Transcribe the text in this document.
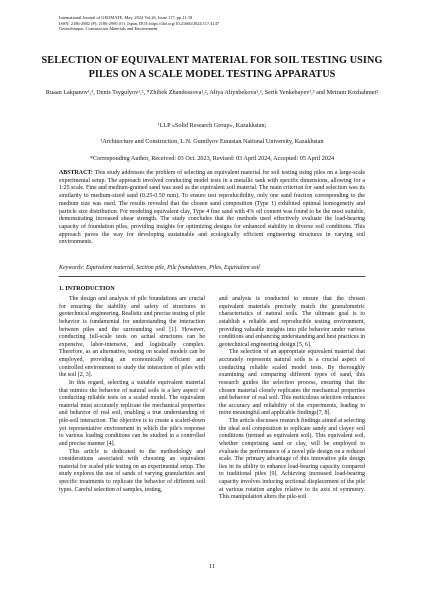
International Journal of GEOMATE, May, 2024 Vol.26, Issue 117, pp.11-18
ISSN: 2186-2982 (P), 2186-2990 (O), Japan, DOI: https://doi.org/10.21660/2024.117.4147
Geotechnique, Construction Materials and Environment
SELECTION OF EQUIVALENT MATERIAL FOR SOIL TESTING USING PILES ON A SCALE MODEL TESTING APPARATUS
Ruaan Lakpanov¹,², Denis Tsygulyov¹,², *Zhibek Zhandossova¹,², Aliya Altynbekova¹,², Serik Yenkebayev¹,² and Meiram Kozhahmet²
¹LLP «Solid Research Group», Kazakhstan;
²Architecture and Construction, L.N. Gumilyov Eurasian National University, Kazakhstan
*Corresponding Author, Received: 03 Oct. 2023, Revised: 03 April 2024, Accepted: 05 April 2024
ABSTRACT: This study addresses the problem of selecting an equivalent material for soil testing using piles on a large-scale experimental setup. The approach involved conducting model tests in a metallic tank with specific dimensions, allowing for a 1:25 scale. Fine and medium-grained sand was used as the equivalent soil material. The main criterion for sand selection was its similarity to medium-sized sand (0.25-0.50 mm). To ensure test reproducibility, only one sand fraction corresponding to the medium size was used. The results revealed that the chosen sand composition (Type 1) exhibited optimal homogeneity and particle size distribution. For modeling equivalent clay, Type 4 fine sand with 4% oil content was found to be the most suitable, demonstrating increased shear strength. The study concludes that the methods used effectively evaluate the load-bearing capacity of foundation piles, providing insights for optimizing designs for enhanced stability in diverse soil conditions. This approach paves the way for developing sustainable and ecologically efficient engineering structures in varying soil environments.
Keywords: Equivalent material, Section pile, Pile foundations, Piles, Equivalent soil
1. INTRODUCTION

The design and analysis of pile foundations are crucial for ensuring the stability and safety of structures in geotechnical engineering. Realistic and precise testing of pile behavior is fundamental for understanding the interaction between piles and the surrounding soil [1]. However, conducting full-scale tests on actual structures can be expensive, labor-intensive, and logistically complex. Therefore, as an alternative, testing on scaled models can be employed, providing an economically efficient and controlled environment to study the interaction of piles with the soil [2, 3].

In this regard, selecting a suitable equivalent material that mimics the behavior of natural soils is a key aspect of conducting reliable tests on a scaled model. The equivalent material must accurately replicate the mechanical properties and behavior of real soil, enabling a true understanding of pile-soil interaction. The objective is to create a scaled-down yet representative environment in which the pile's response to various loading conditions can be studied in a controlled and precise manner [4].

This article is dedicated to the methodology and considerations associated with choosing an equivalent material for scaled pile testing on an experimental setup. The study explores the use of sands of varying granularities and specific treatments to replicate the behavior of different soil types. Careful selection of samples, testing,

and analysis is conducted to ensure that the chosen equivalent materials precisely match the granulometric characteristics of natural soils. The ultimate goal is to establish a reliable and reproducible testing environment, providing valuable insights into pile behavior under various conditions and enhancing understanding and best practices in geotechnical engineering design [5, 6].

The selection of an appropriate equivalent material that accurately represents natural soils is a crucial aspect of conducting reliable scaled model tests. By thoroughly examining and comparing different types of sand, this research guides the selection process, ensuring that the chosen material closely replicates the mechanical properties and behavior of real soil. This meticulous selection enhances the accuracy and reliability of the experiments, leading to more meaningful and applicable findings[7, 8].

The article discusses research findings aimed at selecting the ideal soil composition to replicate sandy and clayey soil conditions (termed as equivalent soil). This equivalent soil, whether comprising sand or clay, will be employed to evaluate the performance of a novel pile design on a reduced scale. The primary advantage of this innovative pile design lies in its ability to enhance load-bearing capacity compared to traditional piles [9]. Achieving increased load-bearing capacity involves inducing sectional displacement of the pile at various rotation angles relative to its axis of symmetry. This manipulation alters the pile-soil

11
